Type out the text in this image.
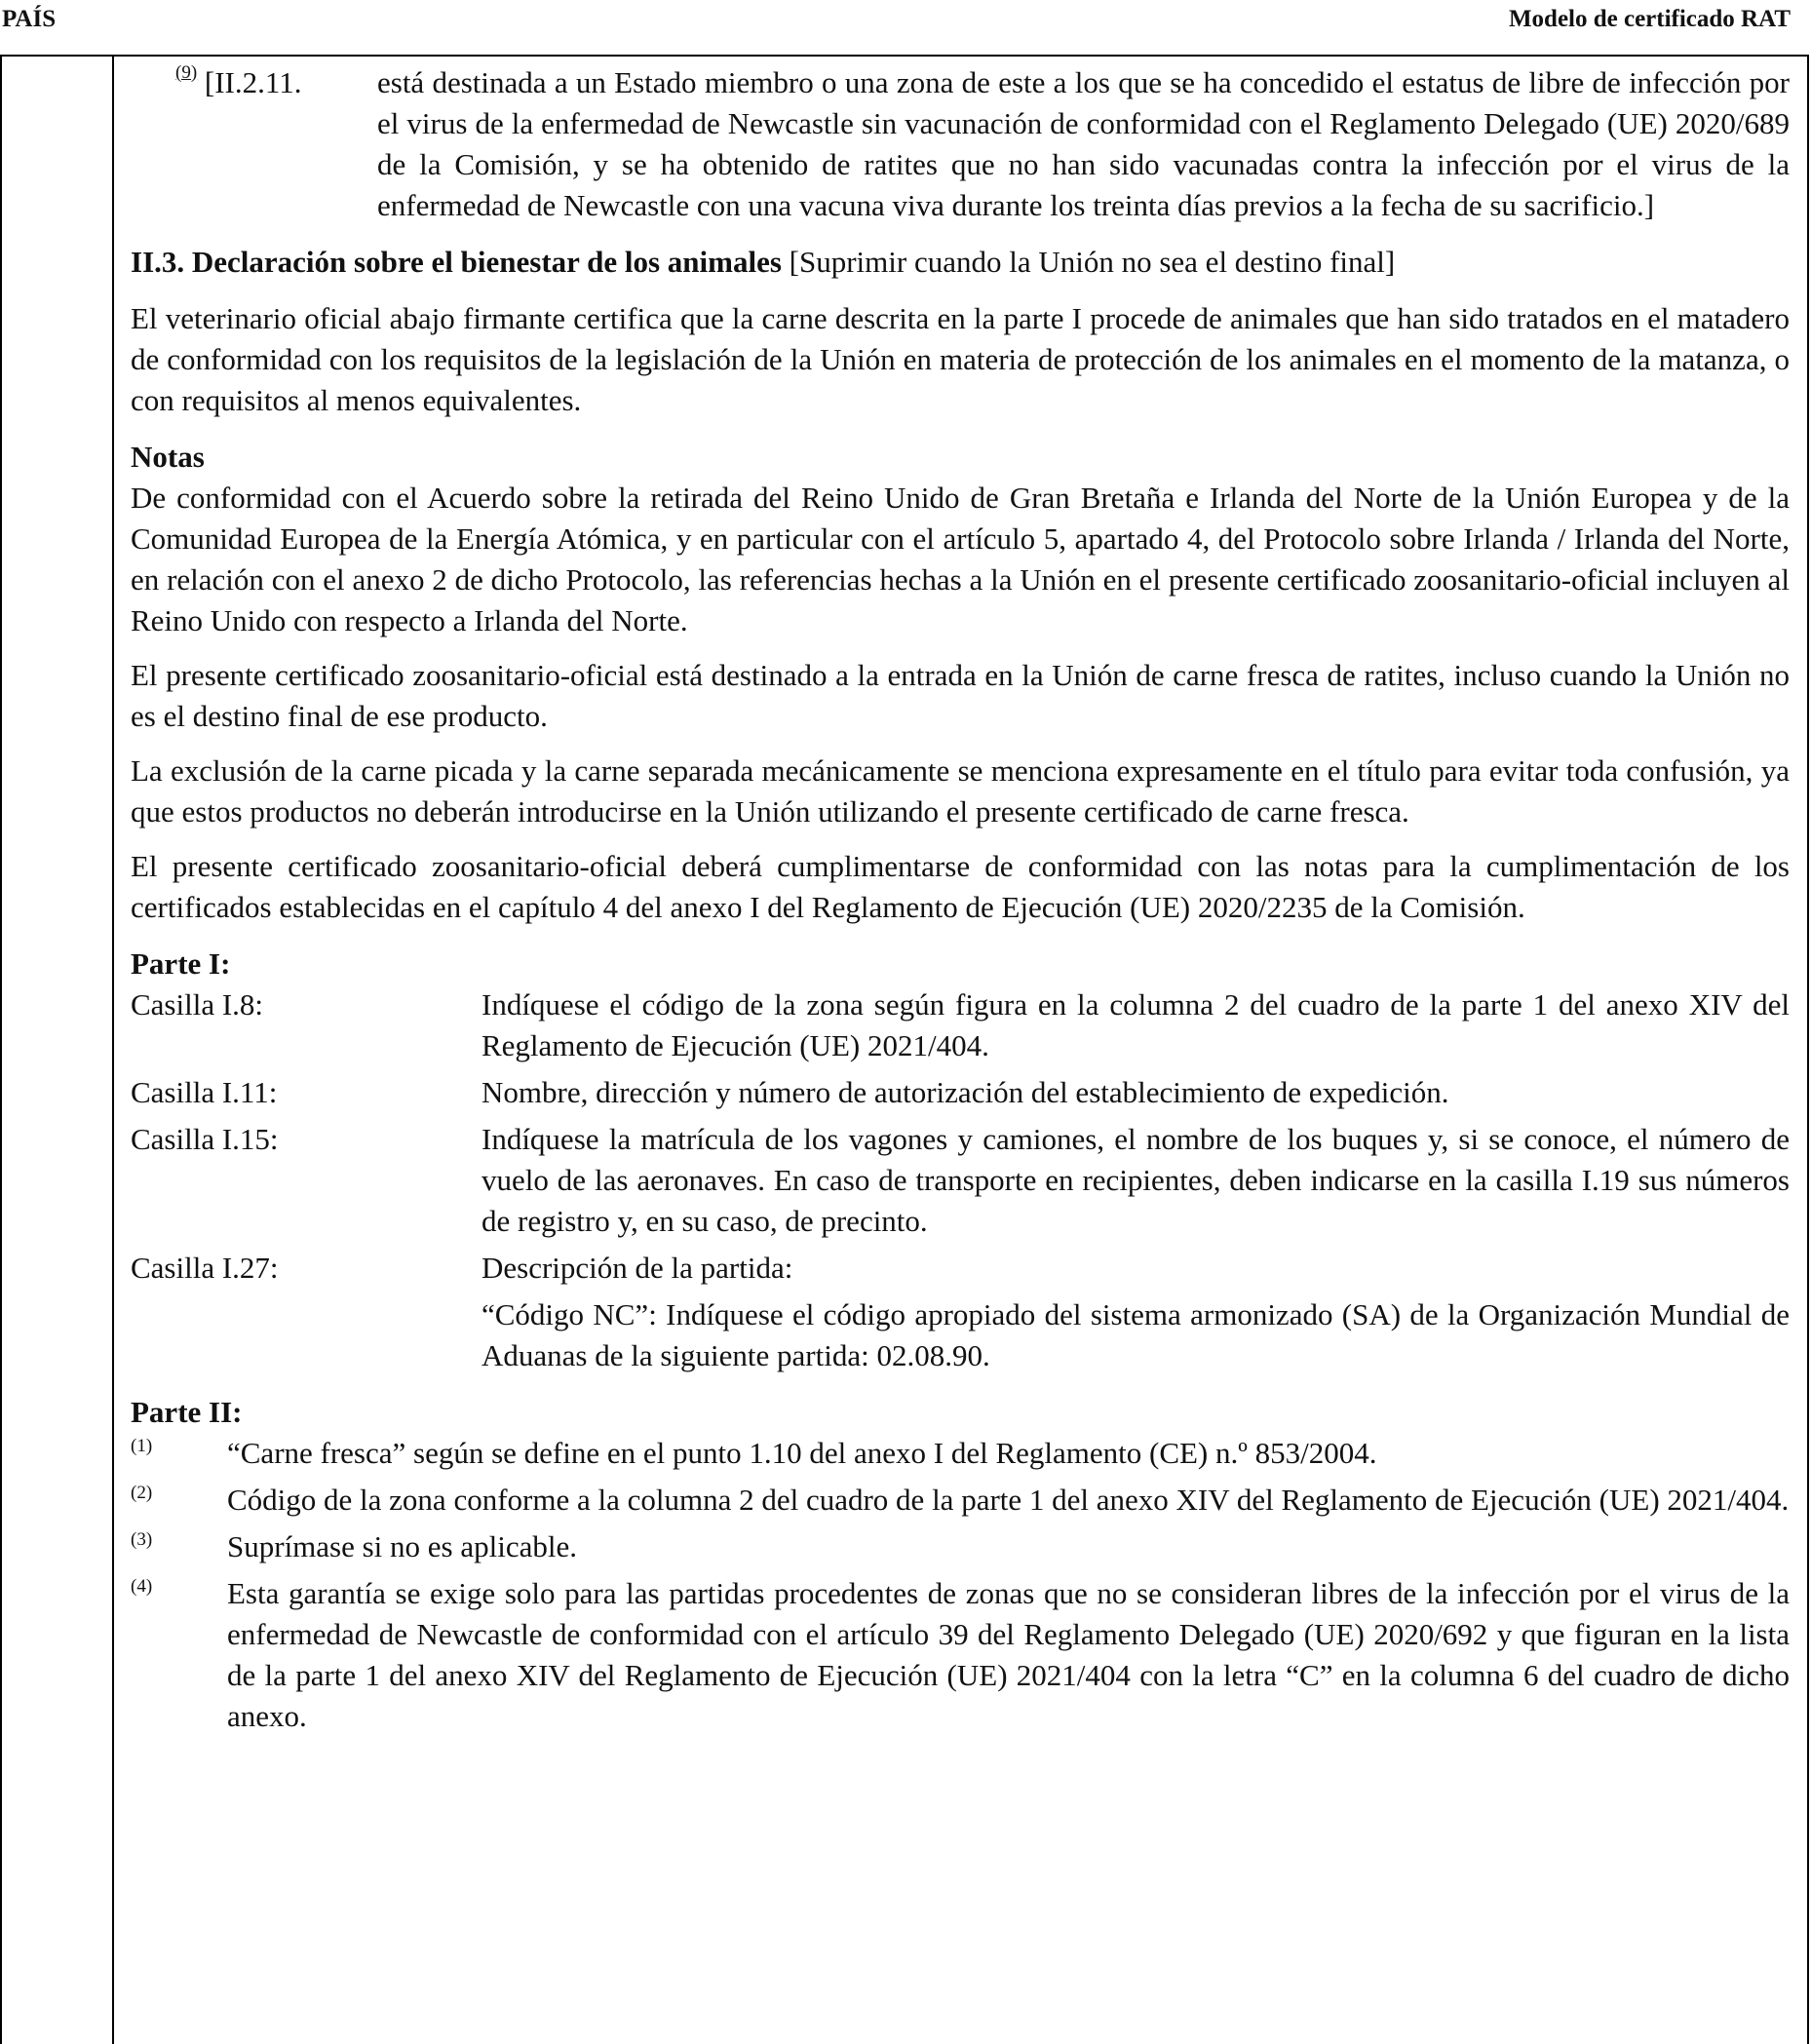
PAÍS	Modelo de certificado RAT
$^{(9)}$ [II.2.11.	está destinada a un Estado miembro o una zona de este a los que se ha concedido el estatus de libre de infección por el virus de la enfermedad de Newcastle sin vacunación de conformidad con el Reglamento Delegado (UE) 2020/689 de la Comisión, y se ha obtenido de ratites que no han sido vacunadas contra la infección por el virus de la enfermedad de Newcastle con una vacuna viva durante los treinta días previos a la fecha de su sacrificio.]

II.3. Declaración sobre el bienestar de los animales [Suprimir cuando la Unión no sea el destino final]

El veterinario oficial abajo firmante certifica que la carne descrita en la parte I procede de animales que han sido tratados en el matadero de conformidad con los requisitos de la legislación de la Unión en materia de protección de los animales en el momento de la matanza, o con requisitos al menos equivalentes.

Notas

De conformidad con el Acuerdo sobre la retirada del Reino Unido de Gran Bretaña e Irlanda del Norte de la Unión Europea y de la Comunidad Europea de la Energía Atómica, y en particular con el artículo 5, apartado 4, del Protocolo sobre Irlanda / Irlanda del Norte, en relación con el anexo 2 de dicho Protocolo, las referencias hechas a la Unión en el presente certificado zoosanitario-oficial incluyen al Reino Unido con respecto a Irlanda del Norte.

El presente certificado zoosanitario-oficial está destinado a la entrada en la Unión de carne fresca de ratites, incluso cuando la Unión no es el destino final de ese producto.

La exclusión de la carne picada y la carne separada mecánicamente se menciona expresamente en el título para evitar toda confusión, ya que estos productos no deberán introducirse en la Unión utilizando el presente certificado de carne fresca.

El presente certificado zoosanitario-oficial deberá cumplimentarse de conformidad con las notas para la cumplimentación de los certificados establecidas en el capítulo 4 del anexo I del Reglamento de Ejecución (UE) 2020/2235 de la Comisión.

Parte I:

Casilla I.8:	Indíquese el código de la zona según figura en la columna 2 del cuadro de la parte 1 del anexo XIV del Reglamento de Ejecución (UE) 2021/404.

Casilla I.11:	Nombre, dirección y número de autorización del establecimiento de expedición.

Casilla I.15:	Indíquese la matrícula de los vagones y camiones, el nombre de los buques y, si se conoce, el número de vuelo de las aeronaves. En caso de transporte en recipientes, deben indicarse en la casilla I.19 sus números de registro y, en su caso, de precinto.

Casilla I.27:	Descripción de la partida:

“Código NC”: Indíquese el código apropiado del sistema armonizado (SA) de la Organización Mundial de Aduanas de la siguiente partida: 02.08.90.

Parte II:

$^{(1)}$	“Carne fresca” según se define en el punto 1.10 del anexo I del Reglamento (CE) n.º 853/2004.

$^{(2)}$	Código de la zona conforme a la columna 2 del cuadro de la parte 1 del anexo XIV del Reglamento de Ejecución (UE) 2021/404.

$^{(3)}$	Suprímase si no es aplicable.

$^{(4)}$	Esta garantía se exige solo para las partidas procedentes de zonas que no se consideran libres de la infección por el virus de la enfermedad de Newcastle de conformidad con el artículo 39 del Reglamento Delegado (UE) 2020/692 y que figuran en la lista de la parte 1 del anexo XIV del Reglamento de Ejecución (UE) 2021/404 con la letra “C” en la columna 6 del cuadro de dicho anexo.
